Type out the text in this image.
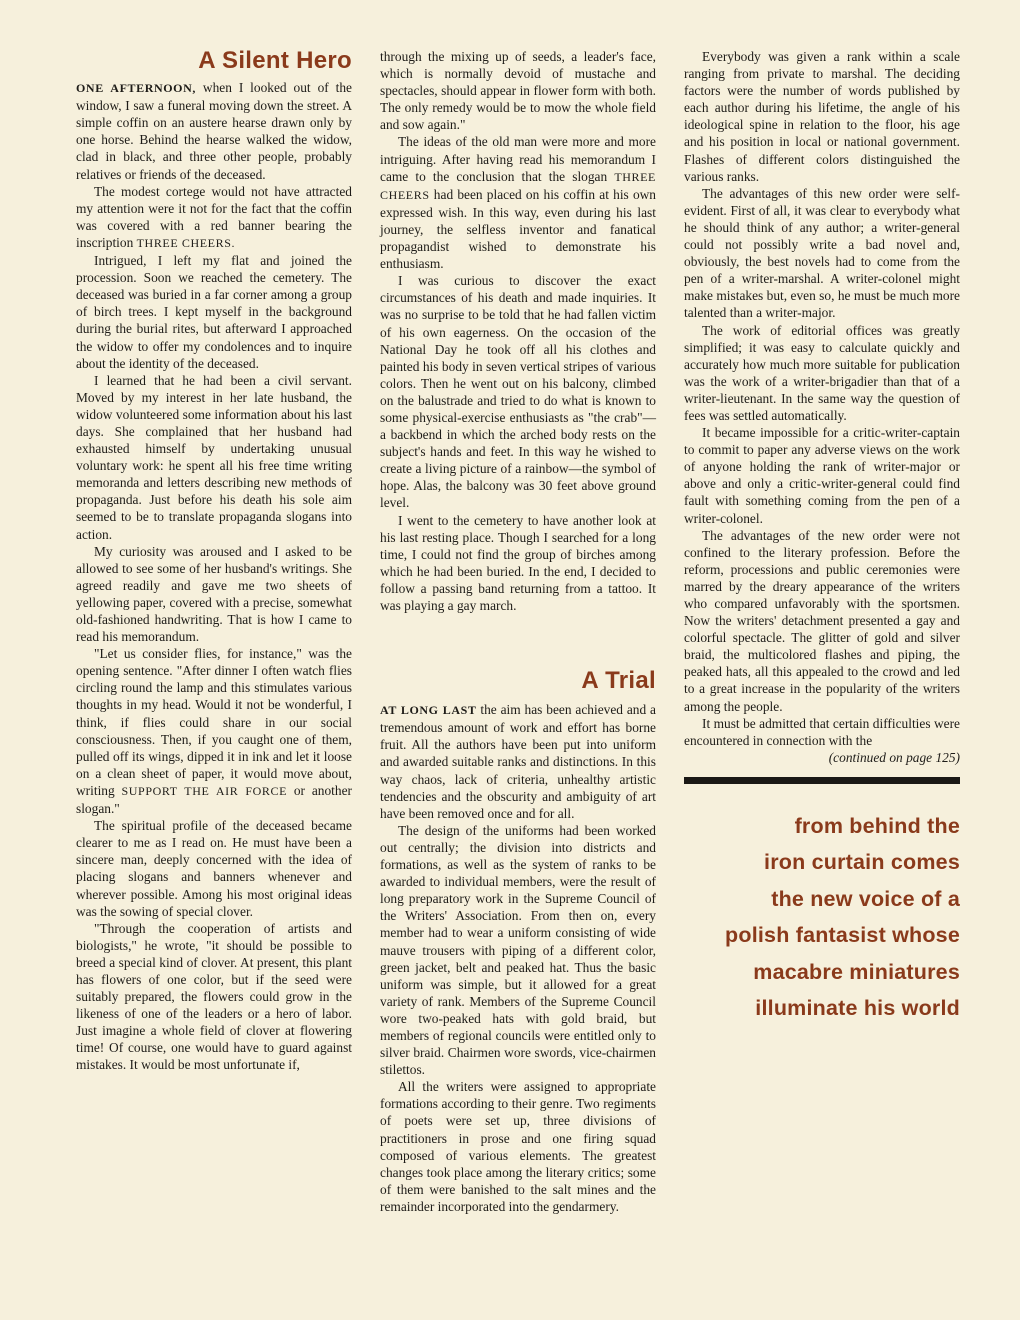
A Silent Hero

ONE AFTERNOON, when I looked out of the window, I saw a funeral moving down the street. A simple coffin on an austere hearse drawn only by one horse. Behind the hearse walked the widow, clad in black, and three other people, probably relatives or friends of the deceased.

The modest cortege would not have attracted my attention were it not for the fact that the coffin was covered with a red banner bearing the inscription THREE CHEERS.

Intrigued, I left my flat and joined the procession. Soon we reached the cemetery. The deceased was buried in a far corner among a group of birch trees. I kept myself in the background during the burial rites, but afterward I approached the widow to offer my condolences and to inquire about the identity of the deceased.

I learned that he had been a civil servant. Moved by my interest in her late husband, the widow volunteered some information about his last days. She complained that her husband had exhausted himself by undertaking unusual voluntary work: he spent all his free time writing memoranda and letters describing new methods of propaganda. Just before his death his sole aim seemed to be to translate propaganda slogans into action.

My curiosity was aroused and I asked to be allowed to see some of her husband's writings. She agreed readily and gave me two sheets of yellowing paper, covered with a precise, somewhat old-fashioned handwriting. That is how I came to read his memorandum.

"Let us consider flies, for instance," was the opening sentence. "After dinner I often watch flies circling round the lamp and this stimulates various thoughts in my head. Would it not be wonderful, I think, if flies could share in our social consciousness. Then, if you caught one of them, pulled off its wings, dipped it in ink and let it loose on a clean sheet of paper, it would move about, writing SUPPORT THE AIR FORCE or another slogan."

The spiritual profile of the deceased became clearer to me as I read on. He must have been a sincere man, deeply concerned with the idea of placing slogans and banners whenever and wherever possible. Among his most original ideas was the sowing of special clover.

"Through the cooperation of artists and biologists," he wrote, "it should be possible to breed a special kind of clover. At present, this plant has flowers of one color, but if the seed were suitably prepared, the flowers could grow in the likeness of one of the leaders or a hero of labor. Just imagine a whole field of clover at flowering time! Of course, one would have to guard against mistakes. It would be most unfortunate if,

through the mixing up of seeds, a leader's face, which is normally devoid of mustache and spectacles, should appear in flower form with both. The only remedy would be to mow the whole field and sow again."

The ideas of the old man were more and more intriguing. After having read his memorandum I came to the conclusion that the slogan THREE CHEERS had been placed on his coffin at his own expressed wish. In this way, even during his last journey, the selfless inventor and fanatical propagandist wished to demonstrate his enthusiasm.

I was curious to discover the exact circumstances of his death and made inquiries. It was no surprise to be told that he had fallen victim of his own eagerness. On the occasion of the National Day he took off all his clothes and painted his body in seven vertical stripes of various colors. Then he went out on his balcony, climbed on the balustrade and tried to do what is known to some physical-exercise enthusiasts as "the crab"—a backbend in which the arched body rests on the subject's hands and feet. In this way he wished to create a living picture of a rainbow—the symbol of hope. Alas, the balcony was 30 feet above ground level.

I went to the cemetery to have another look at his last resting place. Though I searched for a long time, I could not find the group of birches among which he had been buried. In the end, I decided to follow a passing band returning from a tattoo. It was playing a gay march.

A Trial

AT LONG LAST the aim has been achieved and a tremendous amount of work and effort has borne fruit. All the authors have been put into uniform and awarded suitable ranks and distinctions. In this way chaos, lack of criteria, unhealthy artistic tendencies and the obscurity and ambiguity of art have been removed once and for all.

The design of the uniforms had been worked out centrally; the division into districts and formations, as well as the system of ranks to be awarded to individual members, were the result of long preparatory work in the Supreme Council of the Writers' Association. From then on, every member had to wear a uniform consisting of wide mauve trousers with piping of a different color, green jacket, belt and peaked hat. Thus the basic uniform was simple, but it allowed for a great variety of rank. Members of the Supreme Council wore two-peaked hats with gold braid, but members of regional councils were entitled only to silver braid. Chairmen wore swords, vice-chairmen stilettos.

All the writers were assigned to appropriate formations according to their genre. Two regiments of poets were set up, three divisions of practitioners in prose and one firing squad composed of various elements. The greatest changes took place among the literary critics; some of them were banished to the salt mines and the remainder incorporated into the gendarmery.

Everybody was given a rank within a scale ranging from private to marshal. The deciding factors were the number of words published by each author during his lifetime, the angle of his ideological spine in relation to the floor, his age and his position in local or national government. Flashes of different colors distinguished the various ranks.

The advantages of this new order were self-evident. First of all, it was clear to everybody what he should think of any author; a writer-general could not possibly write a bad novel and, obviously, the best novels had to come from the pen of a writer-marshal. A writer-colonel might make mistakes but, even so, he must be much more talented than a writer-major.

The work of editorial offices was greatly simplified; it was easy to calculate quickly and accurately how much more suitable for publication was the work of a writer-brigadier than that of a writer-lieutenant. In the same way the question of fees was settled automatically.

It became impossible for a critic-writer-captain to commit to paper any adverse views on the work of anyone holding the rank of writer-major or above and only a critic-writer-general could find fault with something coming from the pen of a writer-colonel.

The advantages of the new order were not confined to the literary profession. Before the reform, processions and public ceremonies were marred by the dreary appearance of the writers who compared unfavorably with the sportsmen. Now the writers' detachment presented a gay and colorful spectacle. The glitter of gold and silver braid, the multicolored flashes and piping, the peaked hats, all this appealed to the crowd and led to a great increase in the popularity of the writers among the people.

It must be admitted that certain difficulties were encountered in connection with the
(continued on page 125)

from behind the
iron curtain comes
the new voice of a
polish fantasist whose
macabre miniatures
illuminate his world
